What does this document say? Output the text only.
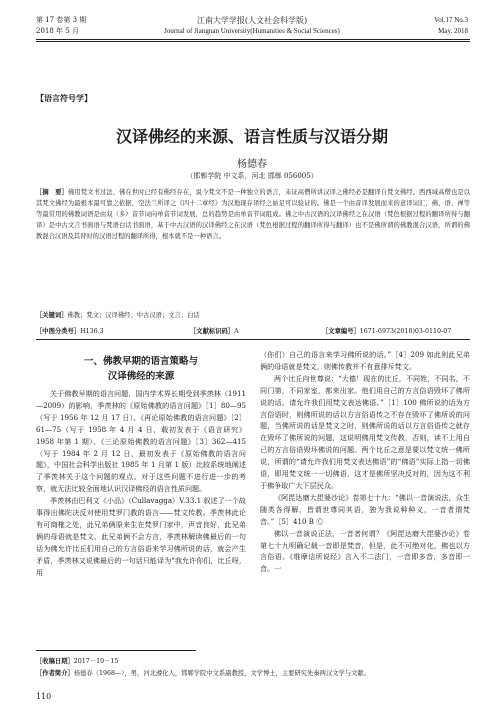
第 17 卷第 3 期
2018 年 5 月
江南大学学报(人文社会科学版)
Journal of Jiangnan University(Humanities & Social Sciences)
Vol.17 No.3
May. 2018
【语言符号学】
汉译佛经的来源、语言性质与汉语分期
杨德春
（邯郸学院 中文系，河北 邯郸 056005）
［摘　要］佛用梵文书过法、佛在世时已经有佛经存在，说今梵文不是一种独立的语言，未证高僧所讲汉译之佛经必是翻译自梵文佛经。西西域高僧也是以其梵文佛经为最根本最可靠之依据，空法兰所译之《四十二章经》为汉地现存译经之始足可以验证的。佛是一个由音译发展而来的意译词汇，佛、语、禅等等最常用的佛教词语是由双（多）音节词向单音节词发展，总的趋势是由单音节词组成。佛之中古汉语的汉译佛经之在汉语（梵色根据过程的翻译所得与翻译）是中古文言书面语与梵语白话书面语，基于中古汉语的汉译佛经之在汉语（梵色根据过程的翻译所得与翻译）也不是佛所谓的佛教混合汉语，所谓的佛教混合汉语及其替时的汉语过程的翻译所得，根本就不是一种语言。
［关键词］佛教；梵文；汉译佛经；中古汉语；文言；白话
［中图分类号］H136.3	［文献标识码］A	［文章编号］1671-6973(2018)03-0110-07
一、佛教早期的语言策略与
汉译佛经的来源

关于佛教早期的语言问题，国内学术界长期受到季羡林（1911—2009）的影响，季羡林的《原始佛教的语言问题》［1］80—95（写于 1956 年 12 月 17 日）、《再论原始佛教的语言问题》［2］61—75（写于 1958 年 4 月 4 日，载初发表于《语言研究》1958 年第 1 期）、《三论原始佛教的语言问题》［3］362—415（写于 1984 年 2 月 12 日，最初发表于《原始佛教的语言问题》，中国社会科学出版社 1985 年 1 月第 1 版）比较系统地阐述了季羡林关于这个问题的观点。对于这些问题不进行进一步的考察，就无法比较全面地认识汉译佛经的语言性质问题。

季羡林由巴利文《小品》（Cullavagga）V.33.1 叙述了一个故事得出佛陀决反对使用梵罗门教的语言——梵文传教。季羡林此论有可商榷之处，此兄弟俩原来生在梵罗门家中，声音良好，此兄弟俩的母语就是梵文，此兄弟俩不会方言，季羡林解读佛最后的一句话为佛允许比丘们用自己的方言俗语来学习佛所说的话，就会产生矛盾，季羡林又说佛最后的一句话只能译为“我允许你们，比丘呀，用

（你们）自己的语言来学习佛所说的话。”［4］209 如此则此兄弟俩的母语就是梵文，则佛传教并不有意排斥梵文。

两个比丘向世尊说：“大德！现在的比丘，不同姓，不同名，不同门第，不同家室，都来出家。他们用自己的方言俗语毁坏了佛所说的话。请允许我们用梵文表达佛语。”［1］100 佛所说的话为方言俗语时，则佛所说的话以方言俗语传之不存在毁坏了佛所说的问题，当佛所说的话是梵文之时，则佛所说的话以方言俗语传之就存在毁坏了佛所说的问题，这说明佛用梵文传教，否则，读不上用自己的方言俗语毁坏佛说的问题。两个比丘之意是要以梵文统一佛所说，所谓的“请允许我们用梵文表达佛语”的“佛语”实际上指一切佛语，即用梵文统一一切佛语，这才是佛所坚决反对的，因为这不利于佛争取广大下层民众。

《阿毘达磨大毘婆沙论》卷第七十九：“佛以一音演说法，众生随类各得解，皆谓世尊同其语，独为我说种种义，一音者谓梵音。”［5］410 B Ⓒ

佛以一音演说正法，一音者何谓？《阿毘达磨大毘婆沙论》卷第七十九明确记载一音即是梵音，但是，此不可绝对化，佛也以方言俗语。《维摩诘所说经》言入不二法门，一音即多音，多音即一音。一

［收稿日期］2017－10－15
［作者简介］杨德春（1968—），男，河北遵化人，邯郸学院中文系副教授，文学博士，主要研究先秦两汉文学与文献。
110
